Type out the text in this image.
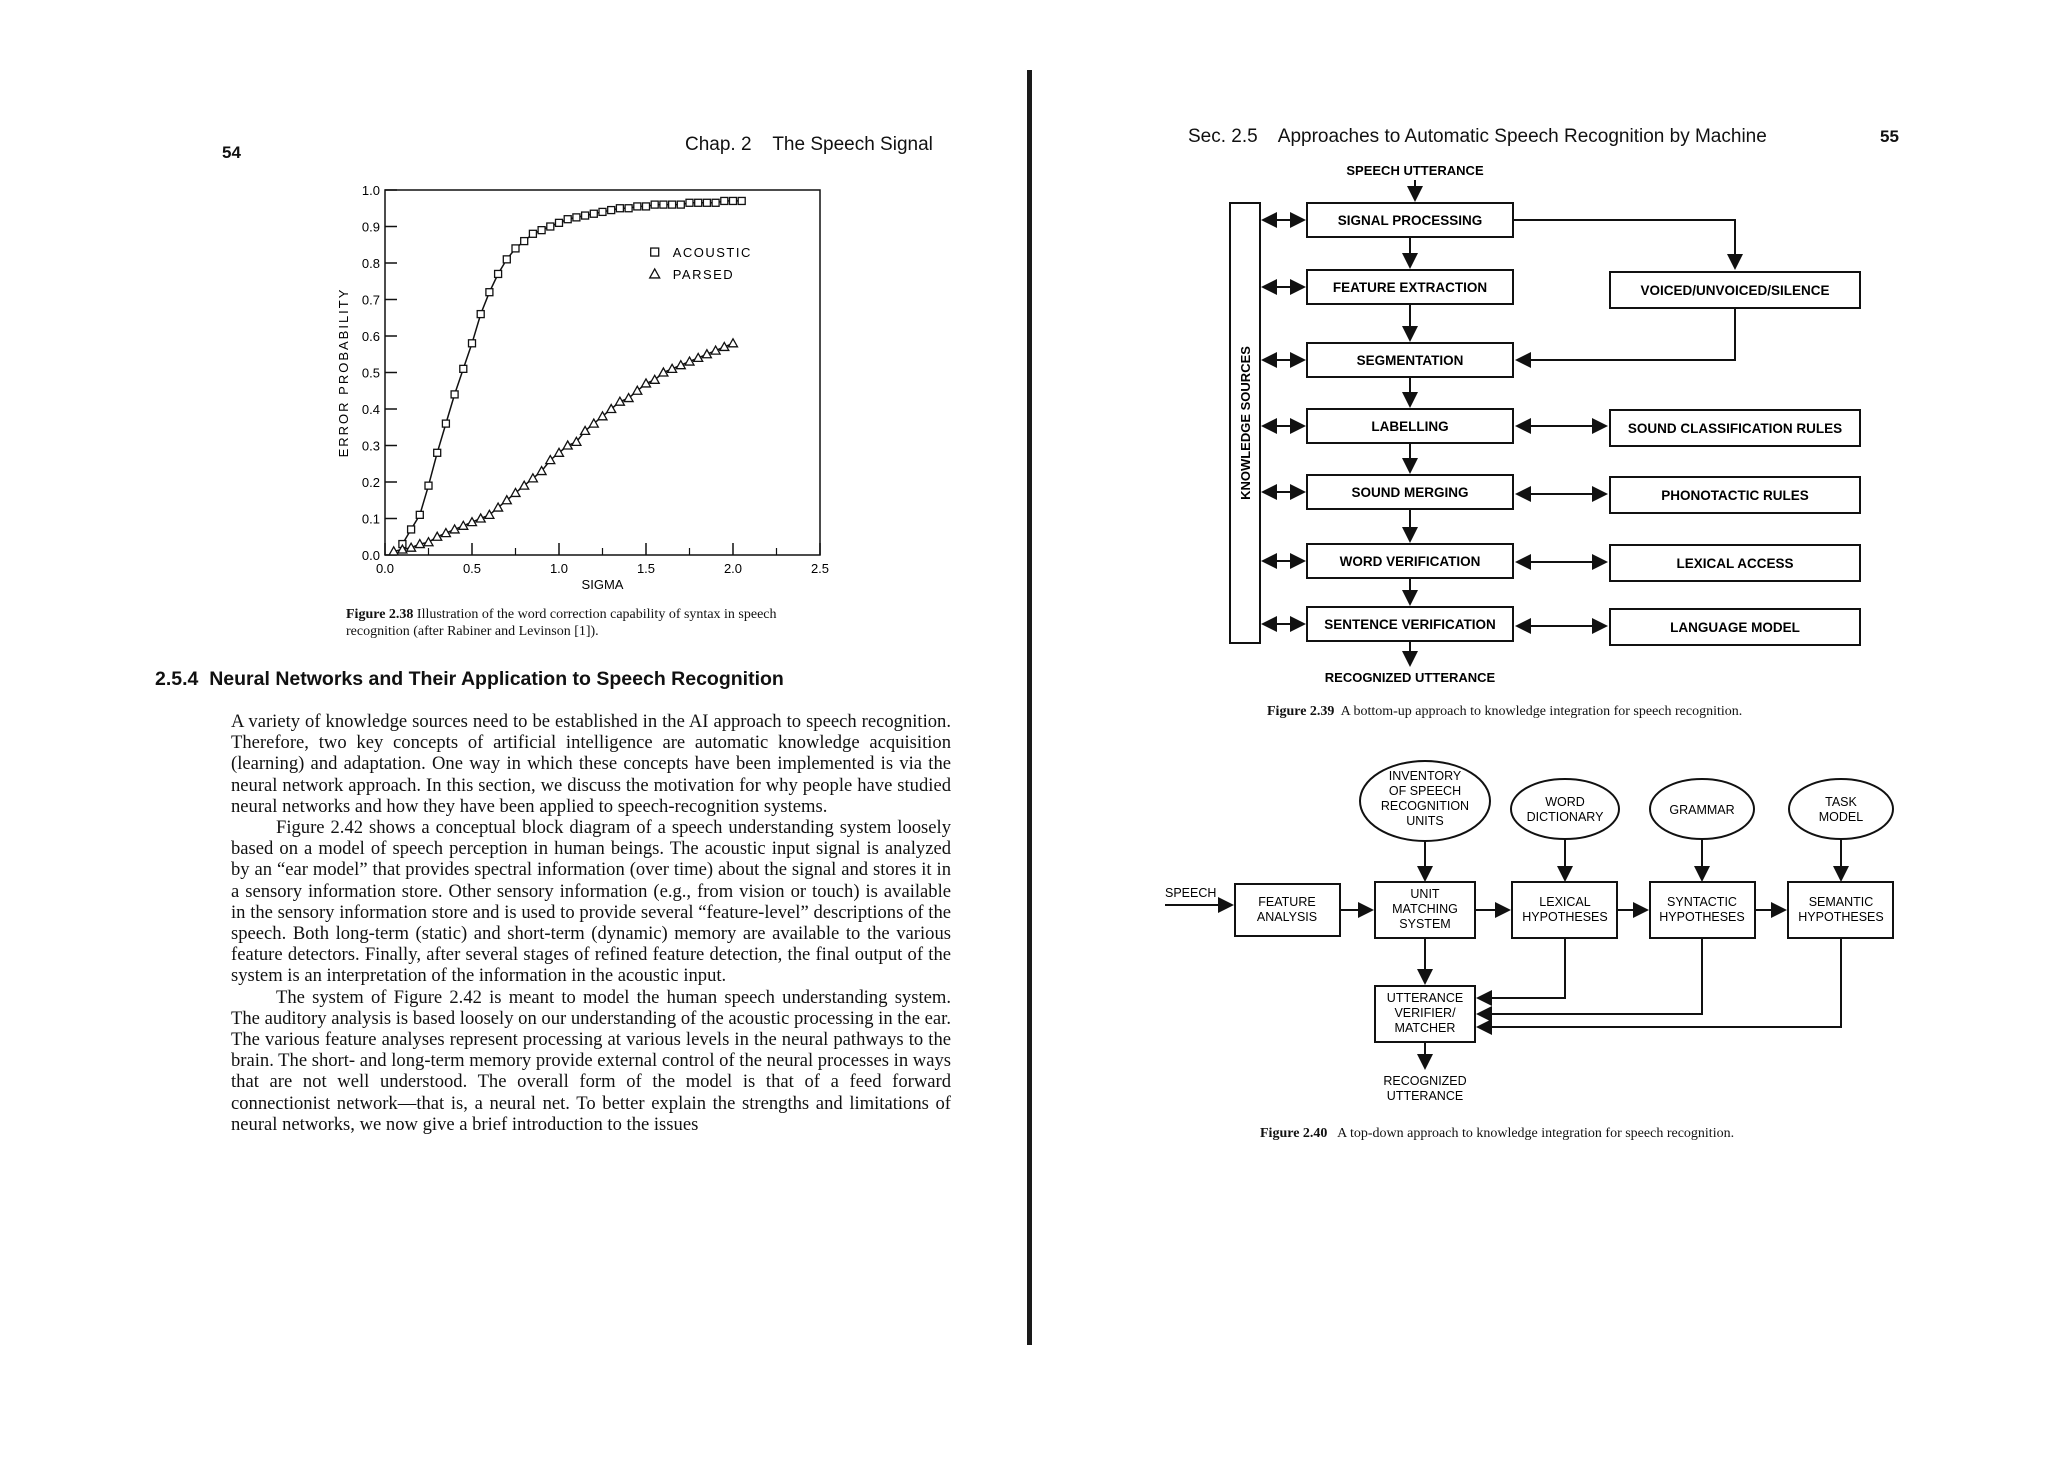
54	Chap. 2    The Speech Signal
0.0
0.1
0.2
0.3
0.4
0.5
0.6
0.7
0.8
0.9
1.0
0.0	0.5	1.0	1.5	2.0	2.5
SIGMA
ERROR PROBABILITY
ACOUSTIC
PARSED
Figure 2.38 Illustration of the word correction capability of syntax in speech recognition (after Rabiner and Levinson [1]).
2.5.4  Neural Networks and Their Application to Speech Recognition

A variety of knowledge sources need to be established in the AI approach to speech recognition. Therefore, two key concepts of artificial intelligence are automatic knowledge acquisition (learning) and adaptation. One way in which these concepts have been implemented is via the neural network approach. In this section, we discuss the motivation for why people have studied neural networks and how they have been applied to speech-recognition systems.

Figure 2.42 shows a conceptual block diagram of a speech understanding system loosely based on a model of speech perception in human beings. The acoustic input signal is analyzed by an “ear model” that provides spectral information (over time) about the signal and stores it in a sensory information store. Other sensory information (e.g., from vision or touch) is available in the sensory information store and is used to provide several “feature-level” descriptions of the speech. Both long-term (static) and short-term (dynamic) memory are available to the various feature detectors. Finally, after several stages of refined feature detection, the final output of the system is an interpretation of the information in the acoustic input.

The system of Figure 2.42 is meant to model the human speech understanding system. The auditory analysis is based loosely on our understanding of the acoustic processing in the ear. The various feature analyses represent processing at various levels in the neural pathways to the brain. The short- and long-term memory provide external control of the neural processes in ways that are not well understood. The overall form of the model is that of a feed forward connectionist network—that is, a neural net. To better explain the strengths and limitations of neural networks, we now give a brief introduction to the issues

Sec. 2.5    Approaches to Automatic Speech Recognition by Machine	55
SPEECH UTTERANCE
KNOWLEDGE SOURCES
SIGNAL PROCESSING
FEATURE EXTRACTION
SEGMENTATION
LABELLING
SOUND MERGING
WORD VERIFICATION
SENTENCE VERIFICATION
VOICED/UNVOICED/SILENCE
SOUND CLASSIFICATION RULES
PHONOTACTIC RULES
LEXICAL ACCESS
LANGUAGE MODEL
RECOGNIZED UTTERANCE
Figure 2.39 A bottom-up approach to knowledge integration for speech recognition.
INVENTORY
OF SPEECH
RECOGNITION
UNITS
WORD
DICTIONARY	GRAMMAR
TASK
MODEL
SPEECH
FEATURE
ANALYSIS
UNIT
MATCHING
SYSTEM
LEXICAL
HYPOTHESES
SYNTACTIC
HYPOTHESES
SEMANTIC
HYPOTHESES
UTTERANCE
VERIFIER/
MATCHER
RECOGNIZED
UTTERANCE
Figure 2.40 A top-down approach to knowledge integration for speech recognition.
